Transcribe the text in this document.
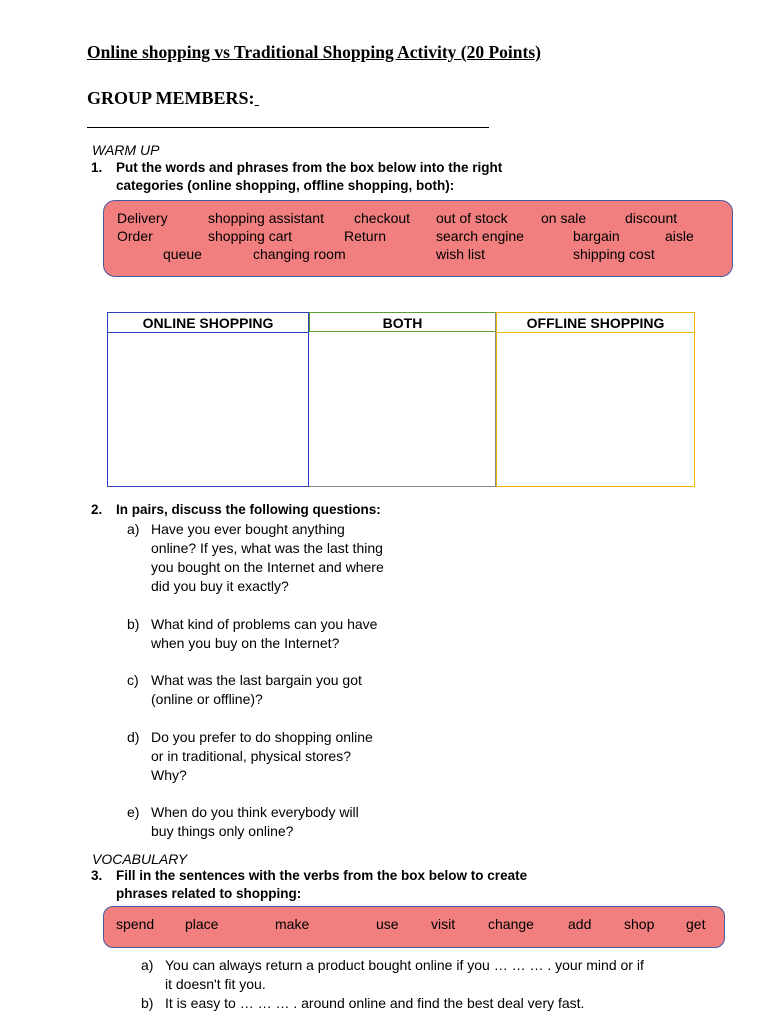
Online shopping vs Traditional Shopping Activity (20 Points)
GROUP MEMBERS:
WARM UP
1. Put the words and phrases from the box below into the right
categories (online shopping, offline shopping, both):
Delivery	shopping assistant checkout out of stock on sale	discount
Order	shopping cart	Return	search engine	bargain	aisle
queue	changing room	wish list	shipping cost
ONLINE SHOPPING	BOTH	OFFLINE SHOPPING
2. In pairs, discuss the following questions:
a) Have you ever bought anything
online? If yes, what was the last thing
you bought on the Internet and where
did you buy it exactly?
b) What kind of problems can you have
when you buy on the Internet?
c) What was the last bargain you got
(online or offline)?
d) Do you prefer to do shopping online
or in traditional, physical stores?
Why?
e) When do you think everybody will
buy things only online?
VOCABULARY
3. Fill in the sentences with the verbs from the box below to create
phrases related to shopping:
spend place	make	use visit change add shop get
a) You can always return a product bought online if you … … … . your mind or if
it doesn't fit you.
b) It is easy to … … … . around online and find the best deal very fast.
